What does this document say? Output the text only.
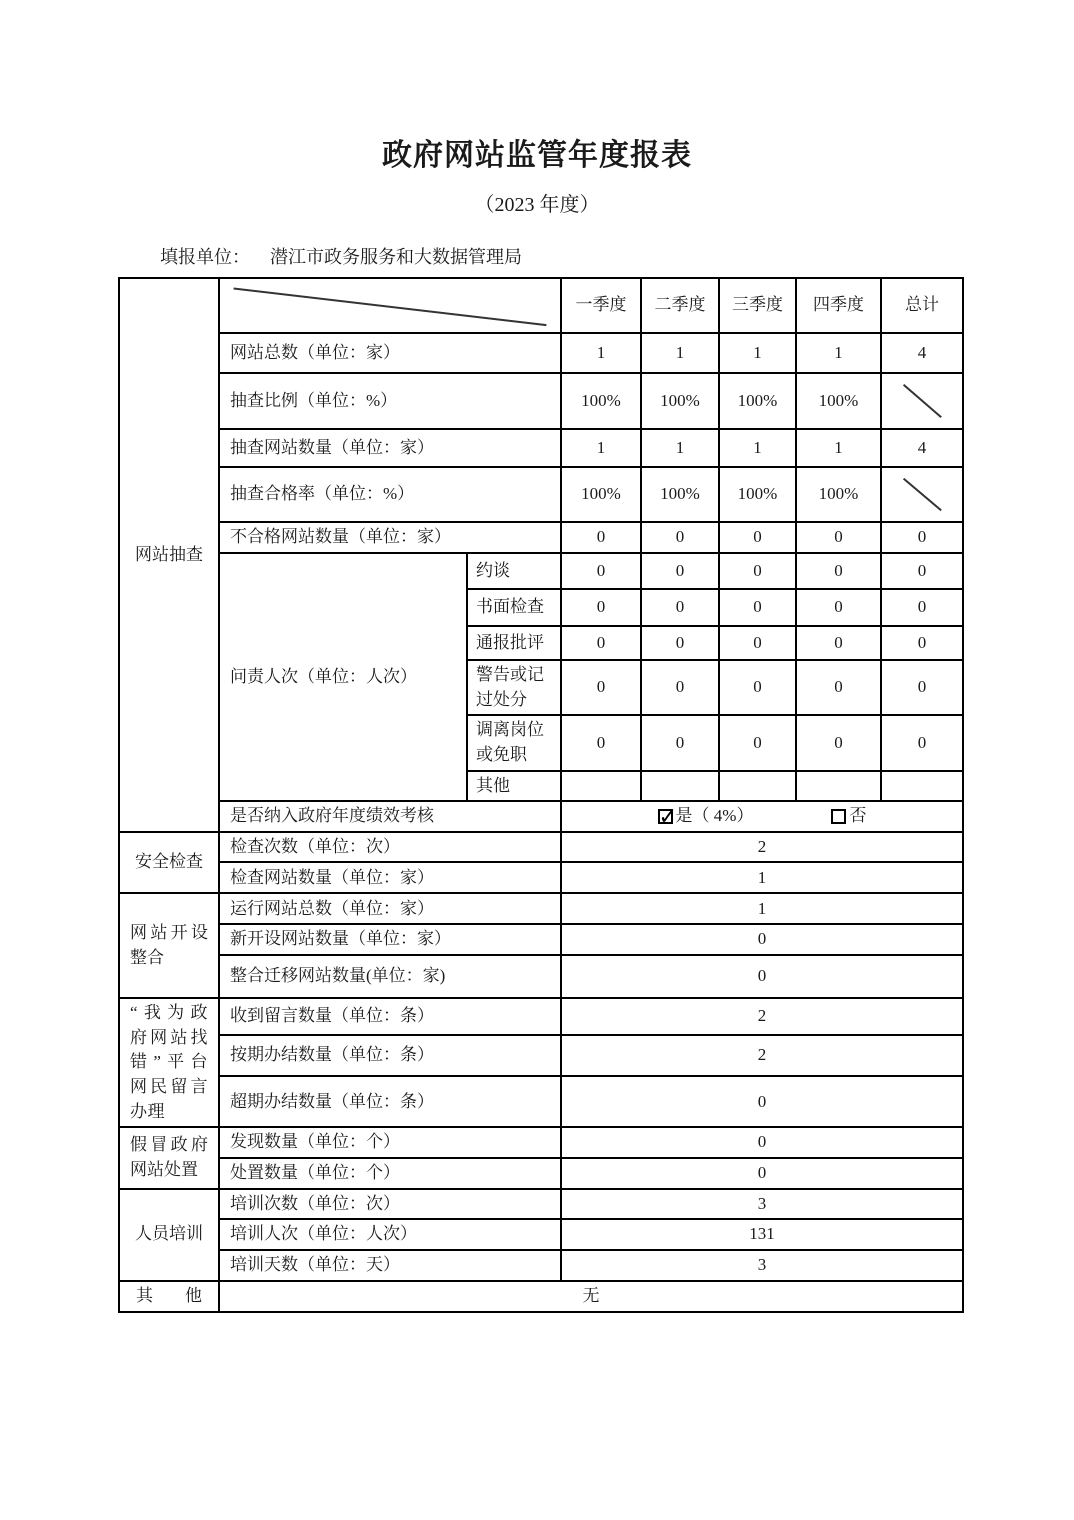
政府网站监管年度报表
（2023 年度）
填报单位： 潜江市政务服务和大数据管理局
网站抽查			一季度	二季度	三季度	四季度	总计
	网站总数（单位：家）		1	1	1	1	4
	抽查比例（单位：%）		100%	100%	100%	100%	

	抽查网站数量（单位：家）		1	1	1	1	4
	抽查合格率（单位：%）		100%	100%	100%	100%	

	不合格网站数量（单位：家）		0	0	0	0	0
	问责人次（单位：人次）	约谈	0	0	0	0	0
		书面检查	0	0	0	0	0
		通报批评	0	0	0	0	0
		警告或记过处分	0	0	0	0	0
		调离岗位或免职	0	0	0	0	0
		其他					
	是否纳入政府年度绩效考核	
✓是（ 4%） 否

安全检查	检查次数（单位：次）		2				
	检查网站数量（单位：家）		1				
网站开设整合	运行网站总数（单位：家）		1				
	新开设网站数量（单位：家）		0				
	整合迁移网站数量(单位：家)		0				
“我为政府网站找错”平台网民留言办理	收到留言数量（单位：条）		2				
	按期办结数量（单位：条）		2				
	超期办结数量（单位：条）		0				
假冒政府网站处置	发现数量（单位：个）		0				
	处置数量（单位：个）		0				
人员培训	培训次数（单位：次）		3				
	培训人次（单位：人次）		131				
	培训天数（单位：天）		3				
其他	无						
